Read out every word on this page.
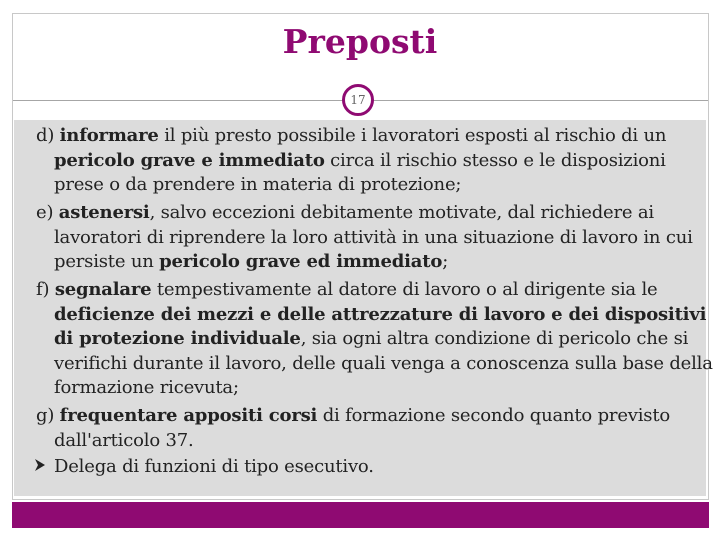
Preposti
17

d) informare il più presto possibile i lavoratori esposti al rischio di un pericolo grave e immediato circa il rischio stesso e le disposizioni prese o da prendere in materia di protezione;

e) astenersi, salvo eccezioni debitamente motivate, dal richiedere ai lavoratori di riprendere la loro attività in una situazione di lavoro in cui persiste un pericolo grave ed immediato;

f) segnalare tempestivamente al datore di lavoro o al dirigente sia le deficienze dei mezzi e delle attrezzature di lavoro e dei dispositivi di protezione individuale, sia ogni altra condizione di pericolo che si verifichi durante il lavoro, delle quali venga a conoscenza sulla base della formazione ricevuta;

g) frequentare appositi corsi di formazione secondo quanto previsto dall'articolo 37.

Delega di funzioni di tipo esecutivo.
